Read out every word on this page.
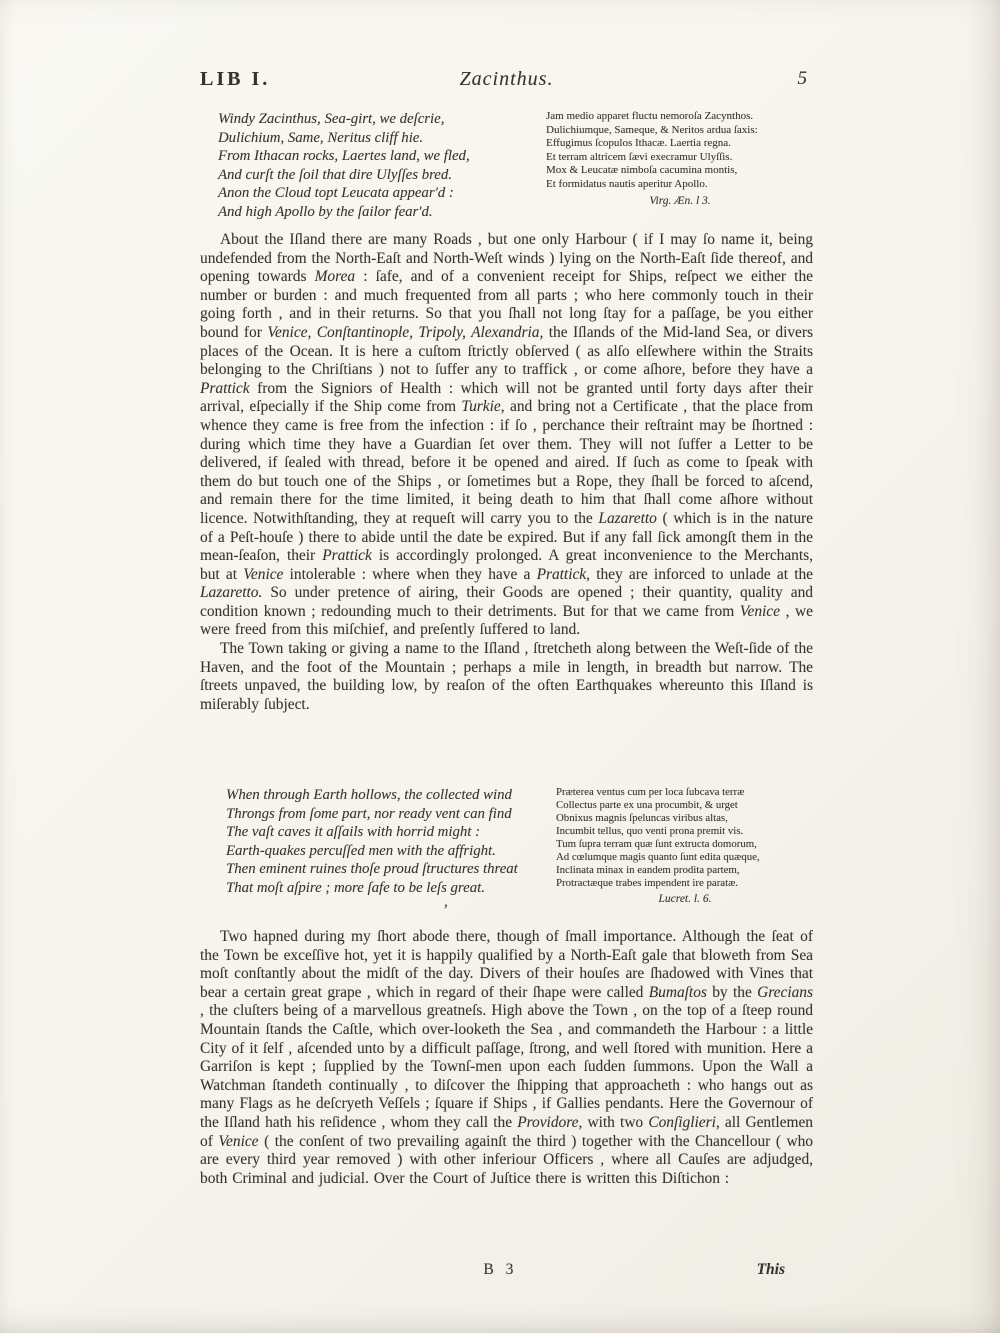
LIB I.	Zacinthus.	5
Windy Zacinthus, Sea-girt, we deſcrie,
Dulichium, Same, Neritus cliff hie.
From Ithacan rocks, Laertes land, we fled,
And curſt the ſoil that dire Ulyſſes bred.
Anon the Cloud topt Leucata appear'd :
And high Apollo by the ſailor fear'd.
Jam medio apparet fluctu nemoroſa Zacynthos.
Dulichiumque, Sameque, & Neritos ardua ſaxis:
Effugimus ſcopulos Ithacæ. Laertia regna.
Et terram altricem ſævi execramur Ulyſſis.
Mox & Leucatæ nimboſa cacumina montis,
Et formidatus nautis aperitur Apollo.
Virg. Æn. l 3.

About the Iſland there are many Roads , but one only Harbour ( if I may ſo name it, being undefended from the North-Eaſt and North-Weſt winds ) lying on the North-Eaſt ſide thereof, and opening towards Morea : ſafe, and of a convenient receipt for Ships, reſpect we either the number or burden : and much frequented from all parts ; who here commonly touch in their going forth , and in their returns. So that you ſhall not long ſtay for a paſſage, be you either bound for Venice, Conſtantinople, Tripoly, Alexandria, the Iſlands of the Mid-land Sea, or divers places of the Ocean. It is here a cuſtom ſtrictly obſerved ( as alſo elſewhere within the Straits belonging to the Chriſtians ) not to ſuffer any to traffick , or come aſhore, before they have a Prattick from the Signiors of Health : which will not be granted until forty days after their arrival, eſpecially if the Ship come from Turkie, and bring not a Certificate , that the place from whence they came is free from the infection : if ſo , perchance their reſtraint may be ſhortned : during which time they have a Guardian ſet over them. They will not ſuffer a Letter to be delivered, if ſealed with thread, before it be opened and aired. If ſuch as come to ſpeak with them do but touch one of the Ships , or ſometimes but a Rope, they ſhall be forced to aſcend, and remain there for the time limited, it being death to him that ſhall come aſhore without licence. Notwithſtanding, they at requeſt will carry you to the Lazaretto ( which is in the nature of a Peſt-houſe ) there to abide until the date be expired. But if any fall ſick amongſt them in the mean-ſeaſon, their Prattick is accordingly prolonged. A great inconvenience to the Merchants, but at Venice intolerable : where when they have a Prattick, they are inforced to unlade at the Lazaretto. So under pretence of airing, their Goods are opened ; their quantity, quality and condition known ; redounding much to their detriments. But for that we came from Venice , we were freed from this miſchief, and preſently ſuffered to land.

The Town taking or giving a name to the Iſland , ſtretcheth along between the Weſt-ſide of the Haven, and the foot of the Mountain ; perhaps a mile in length, in breadth but narrow. The ſtreets unpaved, the building low, by reaſon of the often Earthquakes whereunto this Iſland is miſerably ſubject.

When through Earth hollows, the collected wind
Throngs from ſome part, nor ready vent can find
The vaſt caves it aſſails with horrid might :
Earth-quakes percuſſed men with the affright.
Then eminent ruines thoſe proud ſtructures threat
That moſt aſpire ; more ſafe to be leſs great.
Præterea ventus cum per loca ſubcava terræ
Collectus parte ex una procumbit, & urget
Obnixus magnis ſpeluncas viribus altas,
Incumbit tellus, quo venti prona premit vis.
Tum ſupra terram quæ ſunt extructa domorum,
Ad cœlumque magis quanto ſunt edita quæque,
Inclinata minax in eandem prodita partem,
Protractæque trabes impendent ire paratæ.
Lucret. l. 6.
,

Two hapned during my ſhort abode there, though of ſmall importance. Although the ſeat of the Town be exceſſive hot, yet it is happily qualified by a North-Eaſt gale that bloweth from Sea moſt conſtantly about the midſt of the day. Divers of their houſes are ſhadowed with Vines that bear a certain great grape , which in regard of their ſhape were called Bumaſtos by the Grecians , the cluſters being of a marvellous greatneſs. High above the Town , on the top of a ſteep round Mountain ſtands the Caſtle, which over-looketh the Sea , and commandeth the Harbour : a little City of it ſelf , aſcended unto by a difficult paſſage, ſtrong, and well ſtored with munition. Here a Garriſon is kept ; ſupplied by the Townſ-men upon each ſudden ſummons. Upon the Wall a Watchman ſtandeth continually , to diſcover the ſhipping that approacheth : who hangs out as many Flags as he deſcryeth Veſſels ; ſquare if Ships , if Gallies pendants. Here the Governour of the Iſland hath his reſidence , whom they call the Providore, with two Conſiglieri, all Gentlemen of Venice ( the conſent of two prevailing againſt the third ) together with the Chancellour ( who are every third year removed ) with other inferiour Officers , where all Cauſes are adjudged, both Criminal and judicial. Over the Court of Juſtice there is written this Diſtichon :

B 3	This
